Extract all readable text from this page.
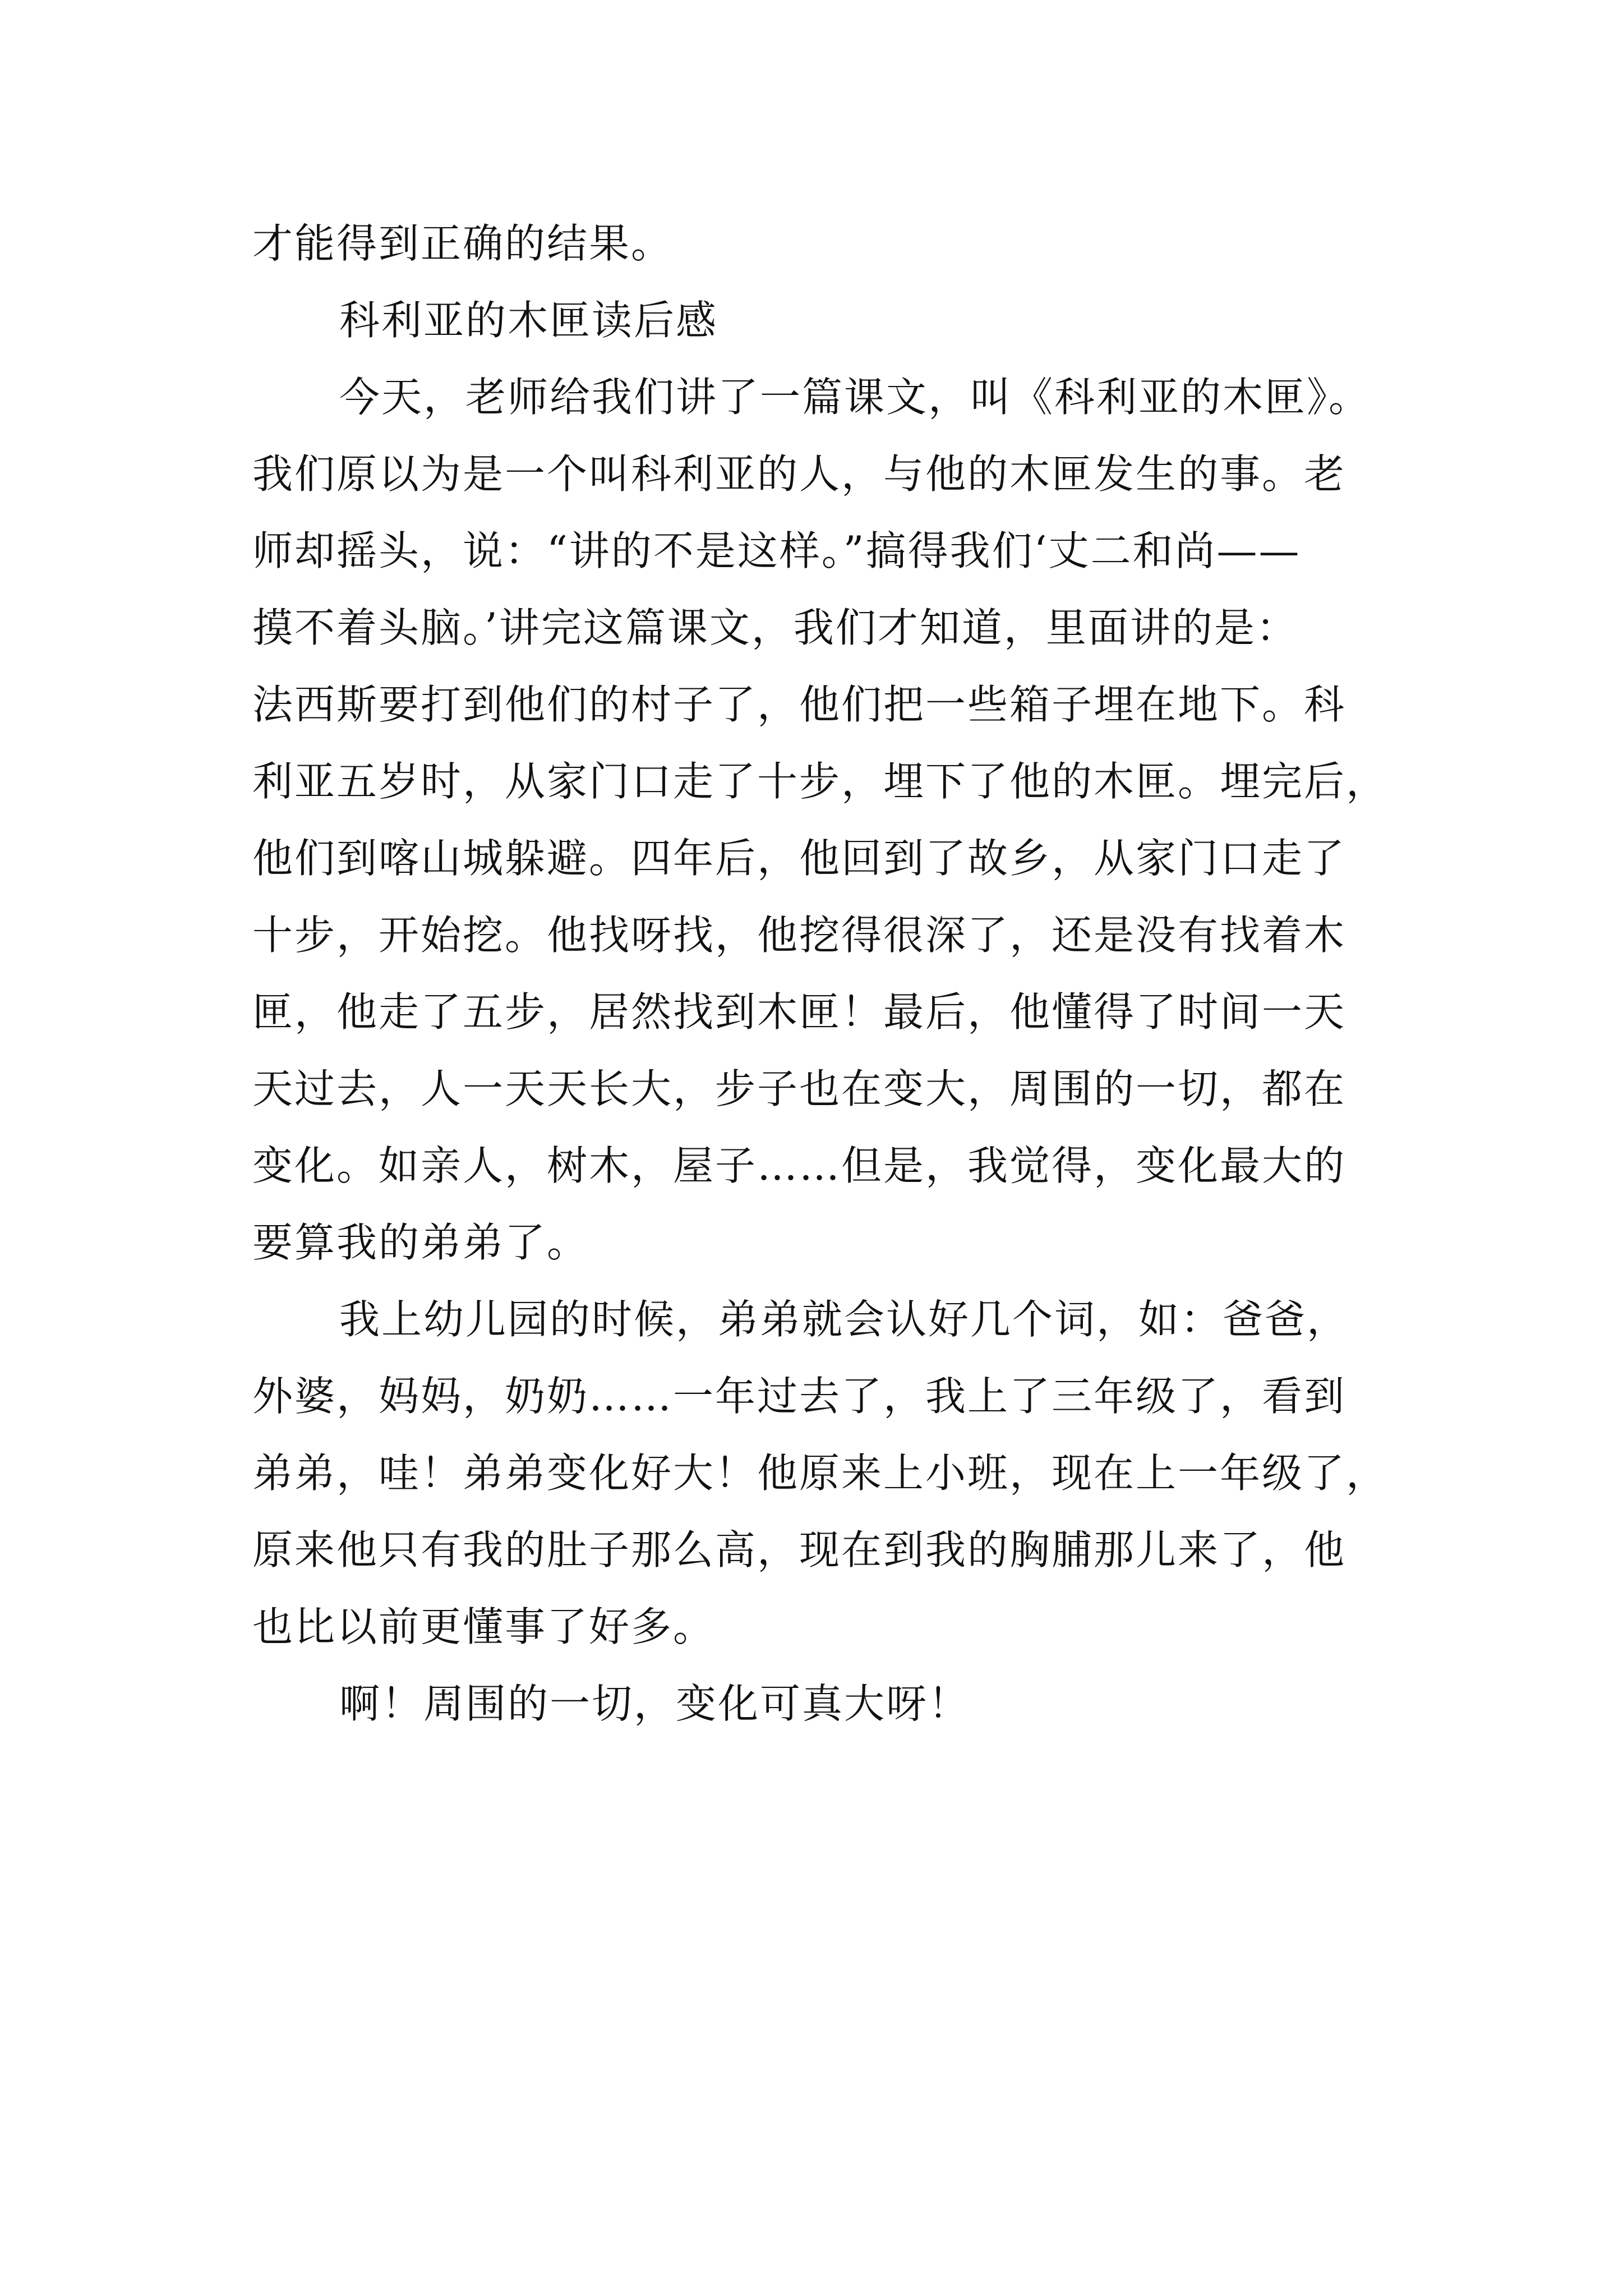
才能得到正确的结果。
科利亚的木匣读后感
今天，老师给我们讲了一篇课文，叫《科利亚的木匣》。
我们原以为是一个叫科利亚的人，与他的木匣发生的事。老
师却摇头，说：“讲的不是这样。”搞得我们‘丈二和尚——
摸不着头脑。’讲完这篇课文，我们才知道，里面讲的是：
法西斯要打到他们的村子了，他们把一些箱子埋在地下。科
利亚五岁时，从家门口走了十步，埋下了他的木匣。埋完后，
他们到喀山城躲避。四年后，他回到了故乡，从家门口走了
十步，开始挖。他找呀找，他挖得很深了，还是没有找着木
匣，他走了五步，居然找到木匣！最后，他懂得了时间一天
天过去，人一天天长大，步子也在变大，周围的一切，都在
变化。如亲人，树木，屋子……但是，我觉得，变化最大的
要算我的弟弟了。
我上幼儿园的时候，弟弟就会认好几个词，如：爸爸，
外婆，妈妈，奶奶……一年过去了，我上了三年级了，看到
弟弟，哇！弟弟变化好大！他原来上小班，现在上一年级了，
原来他只有我的肚子那么高，现在到我的胸脯那儿来了，他
也比以前更懂事了好多。
啊！周围的一切，变化可真大呀！
